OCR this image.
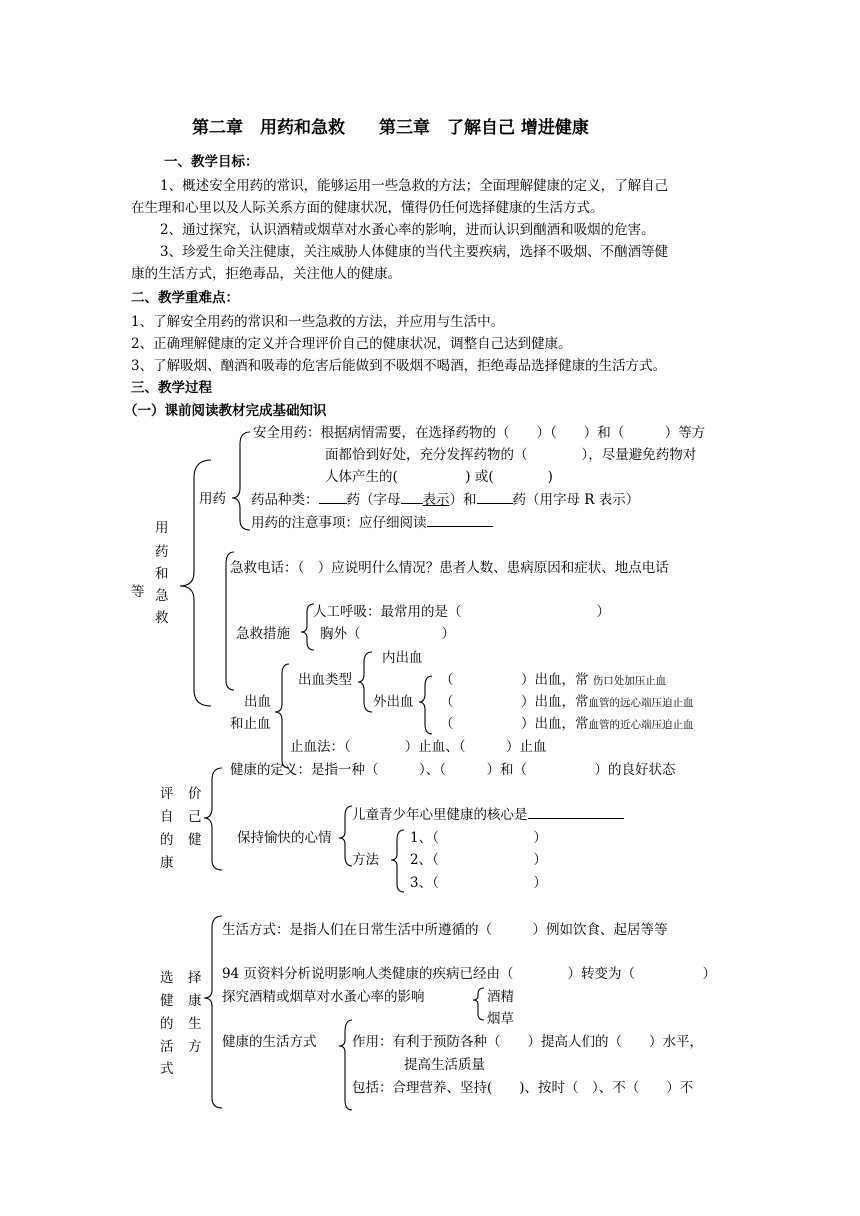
第二章　用药和急救　　第三章　了解自己 增进健康
一、教学目标：
1、概述安全用药的常识，能够运用一些急救的方法；全面理解健康的定义，了解自己
在生理和心里以及人际关系方面的健康状况，懂得仍任何选择健康的生活方式。
2、通过探究，认识酒精或烟草对水蚤心率的影响，进而认识到酗酒和吸烟的危害。
3、珍爱生命关注健康，关注威胁人体健康的当代主要疾病，选择不吸烟、不酗酒等健
康的生活方式，拒绝毒品，关注他人的健康。
二、教学重难点：
1、了解安全用药的常识和一些急救的方法，并应用与生活中。
2、正确理解健康的定义并合理评价自己的健康状况，调整自己达到健康。
3、了解吸烟、酗酒和吸毒的危害后能做到不吸烟不喝酒，拒绝毒品选择健康的生活方式。
三、教学过程
（一）课前阅读教材完成基础知识
用
药
和
急
救
等
用药
安全用药：根据病情需要，在选择药物的（　　）（　　）和（　　　）等方
面都恰到好处，充分发挥药物的（　　　　），尽量避免药物对
人体产生的(　　　　　) 或(　　　　)
药品种类： 药（字母 表示）和	药（用字母 R 表示）
用药的注意事项：应仔细阅读
急救电话：（　）应说明什么情况？患者人数、患病原因和症状、地点电话
急救措施
人工呼吸：最常用的是（　　　　　　　　　　）
胸外（　　　　　　）
出血
和止血
出血类型
内出血
外出血
（　　　　　）出血，常 伤口处加压止血
（　　　　　）出血，常血管的远心端压迫止血
（　　　　　）出血，常血管的近心端压迫止血
止血法：（　　　　）止血、（　　　）止血
评
自
的
康
价
己
健
健康的定义：是指一种（　　　）、（　　　）和（　　　　　）的良好状态
保持愉快的心情
儿童青少年心里健康的核心是
方法
1、（　　　　　　　）
2、（　　　　　　　）
3、（　　　　　　　）
选
健
的
活
式
择
康
生
方
生活方式：是指人们在日常生活中所遵循的（　　　）例如饮食、起居等等
94 页资料分析说明影响人类健康的疾病已经由（　　　　）转变为（　　　　　）
探究酒精或烟草对水蚤心率的影响	酒精
烟草
健康的生活方式	作用：有利于预防各种（　　）提高人们的（　　）水平，
提高生活质量
包括：合理营养、坚持(　　)、按时（　）、不（　　）不
